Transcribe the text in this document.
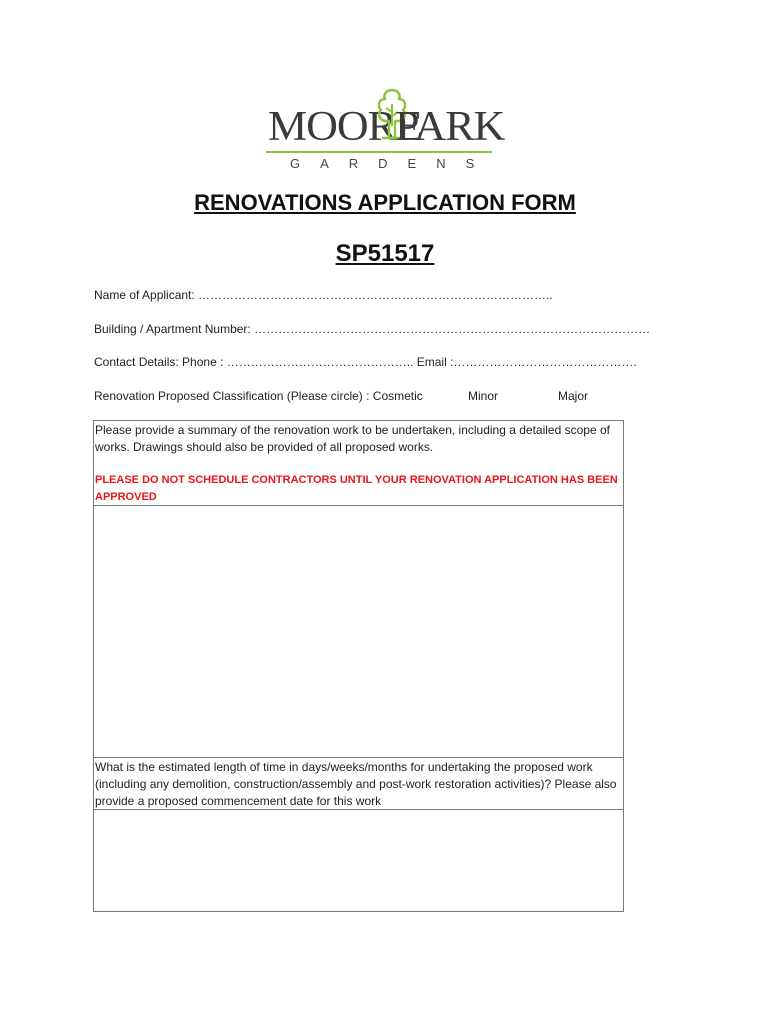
MOORE
PARK
GARDENS
RENOVATIONS APPLICATION FORM
SP51517
Name of Applicant: ……………………………………………………………………………..
Building / Apartment Number: ………………………………………………………………………………………
Contact Details: Phone : ……………………………………….. Email :……………………………………….
Renovation Proposed Classification (Please circle) : Cosmetic	Minor	Major
Please provide a summary of the renovation work to be undertaken, including a detailed scope of works. Drawings should also be provided of all proposed works.
PLEASE DO NOT SCHEDULE CONTRACTORS UNTIL YOUR RENOVATION APPLICATION HAS BEEN APPROVED
What is the estimated length of time in days/weeks/months for undertaking the proposed work (including any demolition, construction/assembly and post-work restoration activities)? Please also provide a proposed commencement date for this work
